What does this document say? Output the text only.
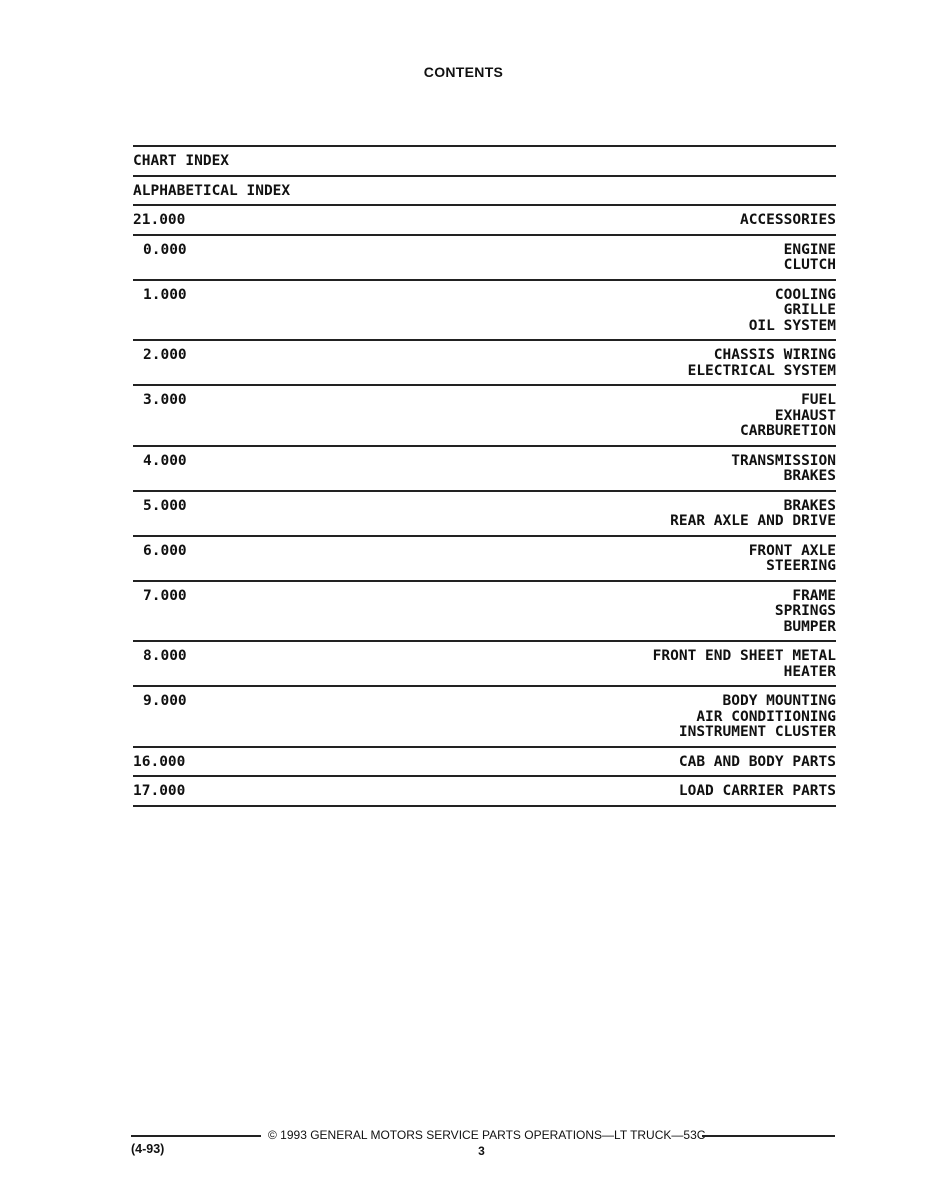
CONTENTS
CHART INDEX
ALPHABETICAL INDEX
21.000	ACCESSORIES
0.000	ENGINE
CLUTCH
1.000	COOLING
GRILLE
OIL SYSTEM
2.000	CHASSIS WIRING
ELECTRICAL SYSTEM
3.000	FUEL
EXHAUST
CARBURETION
4.000	TRANSMISSION
BRAKES
5.000	BRAKES
REAR AXLE AND DRIVE
6.000	FRONT AXLE
STEERING
7.000	FRAME
SPRINGS
BUMPER
8.000	FRONT END SHEET METAL
HEATER
9.000	BODY MOUNTING
AIR CONDITIONING
INSTRUMENT CLUSTER
16.000	CAB AND BODY PARTS
17.000	LOAD CARRIER PARTS
© 1993 GENERAL MOTORS SERVICE PARTS OPERATIONS—LT TRUCK—53C
(4-93)	3
